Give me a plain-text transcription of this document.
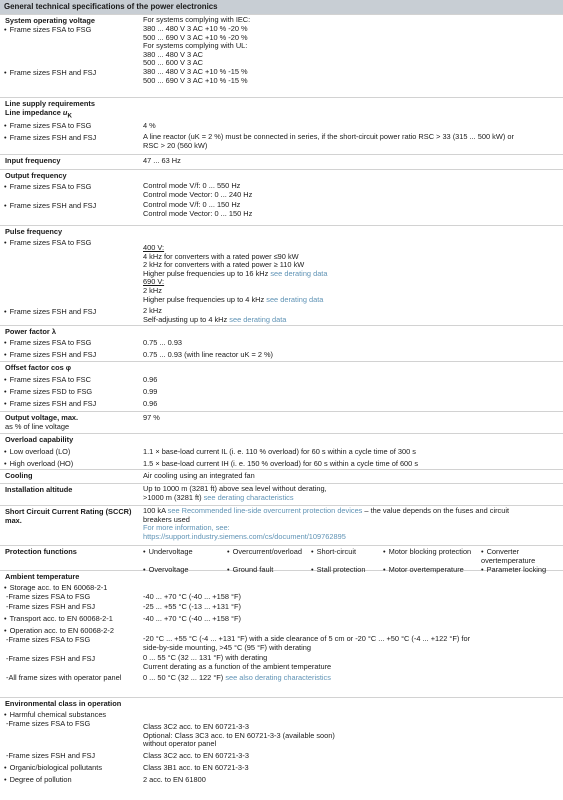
General technical specifications of the power electronics
System operating voltage	For systems complying with IEC:
• Frame sizes FSA to FSG	380 ... 480 V 3 AC +10 % -20 %
500 ... 690 V 3 AC +10 % -20 %
For systems complying with UL:
380 ... 480 V 3 AC
500 ... 600 V 3 AC
• Frame sizes FSH and FSJ	380 ... 480 V 3 AC +10 % -15 %
500 ... 690 V 3 AC +10 % -15 %
Line supply requirements
Line impedance $u_K$
• Frame sizes FSA to FSG	4 %
• Frame sizes FSH and FSJ	A line reactor (uK = 2 %) must be connected in series, if the short-circuit power ratio RSC > 33 (315 ... 500 kW) or
RSC > 20 (560 kW)
Input frequency	47 ... 63 Hz
Output frequency
• Frame sizes FSA to FSG	Control mode V/f: 0 ... 550 Hz
Control mode Vector: 0 ... 240 Hz
• Frame sizes FSH and FSJ	Control mode V/f: 0 ... 150 Hz
Control mode Vector: 0 ... 150 Hz
Pulse frequency
• Frame sizes FSA to FSG
400 V:
4 kHz for converters with a rated power ≤90 kW
2 kHz for converters with a rated power ≥ 110 kW
Higher pulse frequencies up to 16 kHz see derating data
690 V:
2 kHz
Higher pulse frequencies up to 4 kHz see derating data
• Frame sizes FSH and FSJ	2 kHz
Self-adjusting up to 4 kHz see derating data
Power factor λ
• Frame sizes FSA to FSG	0.75 ... 0.93
• Frame sizes FSH and FSJ	0.75 ... 0.93 (with line reactor uK = 2 %)
Offset factor cos φ
• Frame sizes FSA to FSC	0.96
• Frame sizes FSD to FSG	0.99
• Frame sizes FSH and FSJ	0.96
Output voltage, max.
as % of line voltage
97 %
Overload capability
• Low overload (LO)	1.1 × base-load current IL (i. e. 110 % overload) for 60 s within a cycle time of 300 s
• High overload (HO)	1.5 × base-load current IH (i. e. 150 % overload) for 60 s within a cycle time of 600 s
Cooling	Air cooling using an integrated fan
Installation altitude	Up to 1000 m (3281 ft) above sea level without derating,
>1000 m (3281 ft) see derating characteristics
Short Circuit Current Rating (SCCR)
max.
100 kA see Recommended line-side overcurrent protection devices – the value depends on the fuses and circuit
breakers used
For more information, see:
https://support.industry.siemens.com/cs/document/109762895
Protection functions	• Undervoltage	• Overcurrent/overload	• Short-circuit	• Motor blocking protection	• Converter overtemperature
• Overvoltage	• Ground fault	• Stall protection	• Motor overtemperature	• Parameter locking
Ambient temperature
• Storage acc. to EN 60068-2-1
-Frame sizes FSA to FSG	-40 ... +70 °C (-40 ... +158 °F)
-Frame sizes FSH and FSJ	-25 ... +55 °C (-13 ... +131 °F)
• Transport acc. to EN 60068-2-1	-40 ... +70 °C (-40 ... +158 °F)
• Operation acc. to EN 60068-2-2
-Frame sizes FSA to FSG	-20 °C ... +55 °C (-4 ... +131 °F) with a side clearance of 5 cm or -20 °C ... +50 °C (-4 ... +122 °F) for
side-by-side mounting, >45 °C (95 °F) with derating
-Frame sizes FSH and FSJ	0 ... 55 °C (32 ... 131 °F) with derating
Current derating as a function of the ambient temperature
-All frame sizes with operator panel	0 ... 50 °C (32 ... 122 °F) see also derating characteristics
Environmental class in operation
• Harmful chemical substances
-Frame sizes FSA to FSG	Class 3C2 acc. to EN 60721-3-3
Optional: Class 3C3 acc. to EN 60721-3-3 (available soon)
without operator panel
-Frame sizes FSH and FSJ	Class 3C2 acc. to EN 60721-3-3
• Organic/biological pollutants	Class 3B1 acc. to EN 60721-3-3
• Degree of pollution	2 acc. to EN 61800
